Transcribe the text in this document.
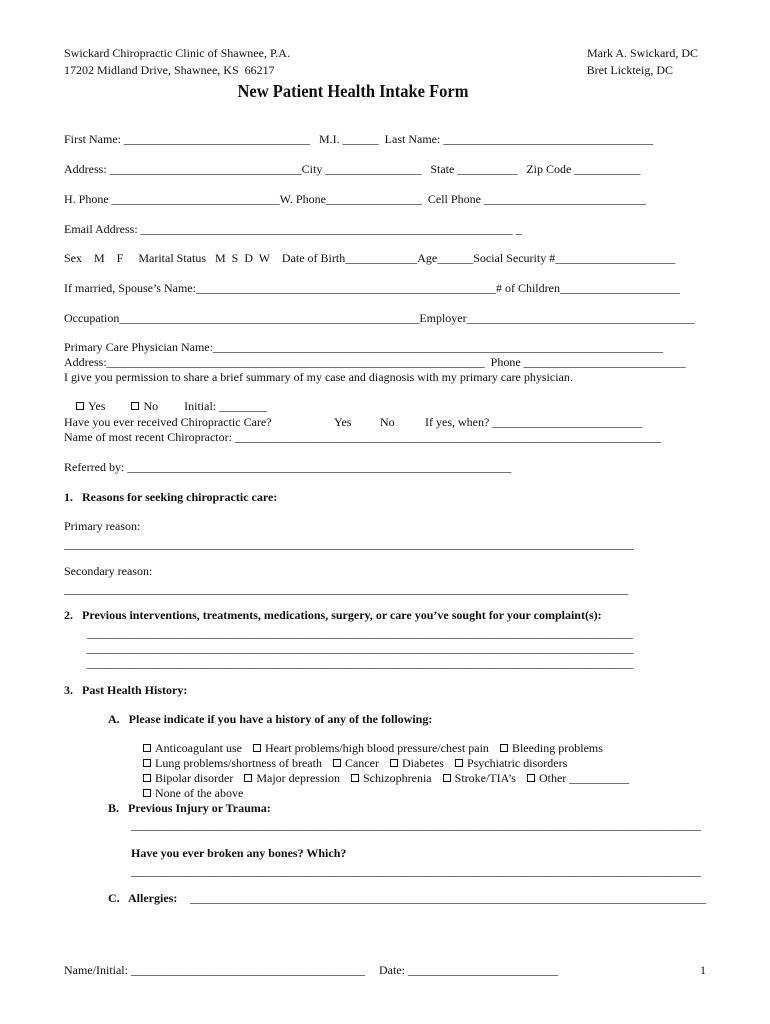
Swickard Chiropractic Clinic of Shawnee, P.A.
17202 Midland Drive, Shawnee, KS  66217
Mark A. Swickard, DC
Bret Lickteig, DC
New Patient Health Intake Form
First Name: _______________________________   M.I. ______  Last Name: ___________________________________
Address: ________________________________City ________________   State __________   Zip Code ___________
H. Phone ____________________________W. Phone________________  Cell Phone ___________________________
Email Address: ______________________________________________________________ _
Sex    M    F     Marital Status   M  S  D  W    Date of Birth____________Age______Social Security #____________________
If married, Spouse’s Name:__________________________________________________# of Children____________________
Occupation__________________________________________________Employer______________________________________
Primary Care Physician Name:___________________________________________________________________________
Address:_______________________________________________________________  Phone ___________________________
I give you permission to share a brief summary of my case and diagnosis with my primary care physician.

Yes	No Initial: ________

Have you ever received Chiropractic Care?	Yes No	If yes, when? _________________________
Name of most recent Chiropractor: _______________________________________________________________________
Referred by: ________________________________________________________________
1.   Reasons for seeking chiropractic care:
Primary reason:
_______________________________________________________________________________________________
Secondary reason:
______________________________________________________________________________________________
2.   Previous interventions, treatments, medications, surgery, or care you’ve sought for your complaint(s):
___________________________________________________________________________________________
___________________________________________________________________________________________
___________________________________________________________________________________________
3.   Past Health History:
A.   Please indicate if you have a history of any of the following:

Anticoagulant use Heart problems/high blood pressure/chest pain Bleeding problems

Lung problems/shortness of breath Cancer Diabetes Psychiatric disorders

Bipolar disorder Major depression Schizophrenia Stroke/TIA’s Other __________

None of the above

B.   Previous Injury or Trauma:
_______________________________________________________________________________________________
Have you ever broken any bones? Which?
_______________________________________________________________________________________________
C.   Allergies: _______________________________________________________________________________________________
Name/Initial: _______________________________________ Date: _________________________	1
